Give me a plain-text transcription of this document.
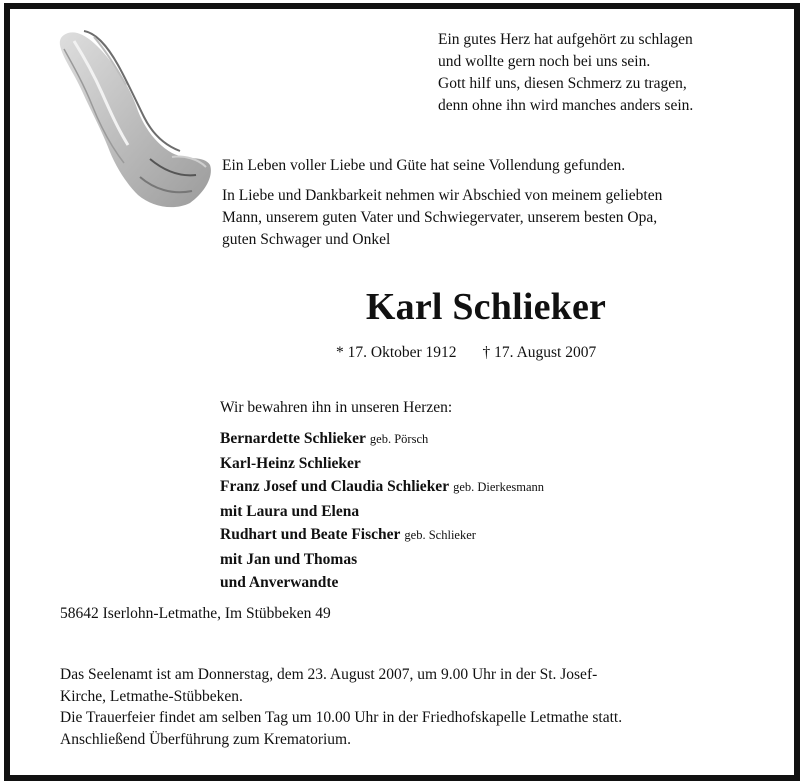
Ein gutes Herz hat aufgehört zu schlagen
und wollte gern noch bei uns sein.
Gott hilf uns, diesen Schmerz zu tragen,
denn ohne ihn wird manches anders sein.

Ein Leben voller Liebe und Güte hat seine Vollendung gefunden.

In Liebe und Dankbarkeit nehmen wir Abschied von meinem geliebten

Mann, unserem guten Vater und Schwiegervater, unserem besten Opa,

guten Schwager und Onkel

Karl Schlieker
* 17. Oktober 1912 † 17. August 2007
Wir bewahren ihn in unseren Herzen:
Bernardette Schlieker geb. Pörsch
Karl-Heinz Schlieker
Franz Josef und Claudia Schlieker geb. Dierkesmann
mit Laura und Elena
Rudhart und Beate Fischer geb. Schlieker
mit Jan und Thomas
und Anverwandte
58642 Iserlohn-Letmathe, Im Stübbeken 49

Das Seelenamt ist am Donnerstag, dem 23. August 2007, um 9.00 Uhr in der St. Josef-

Kirche, Letmathe-Stübbeken.

Die Trauerfeier findet am selben Tag um 10.00 Uhr in der Friedhofskapelle Letmathe statt.

Anschließend Überführung zum Krematorium.
